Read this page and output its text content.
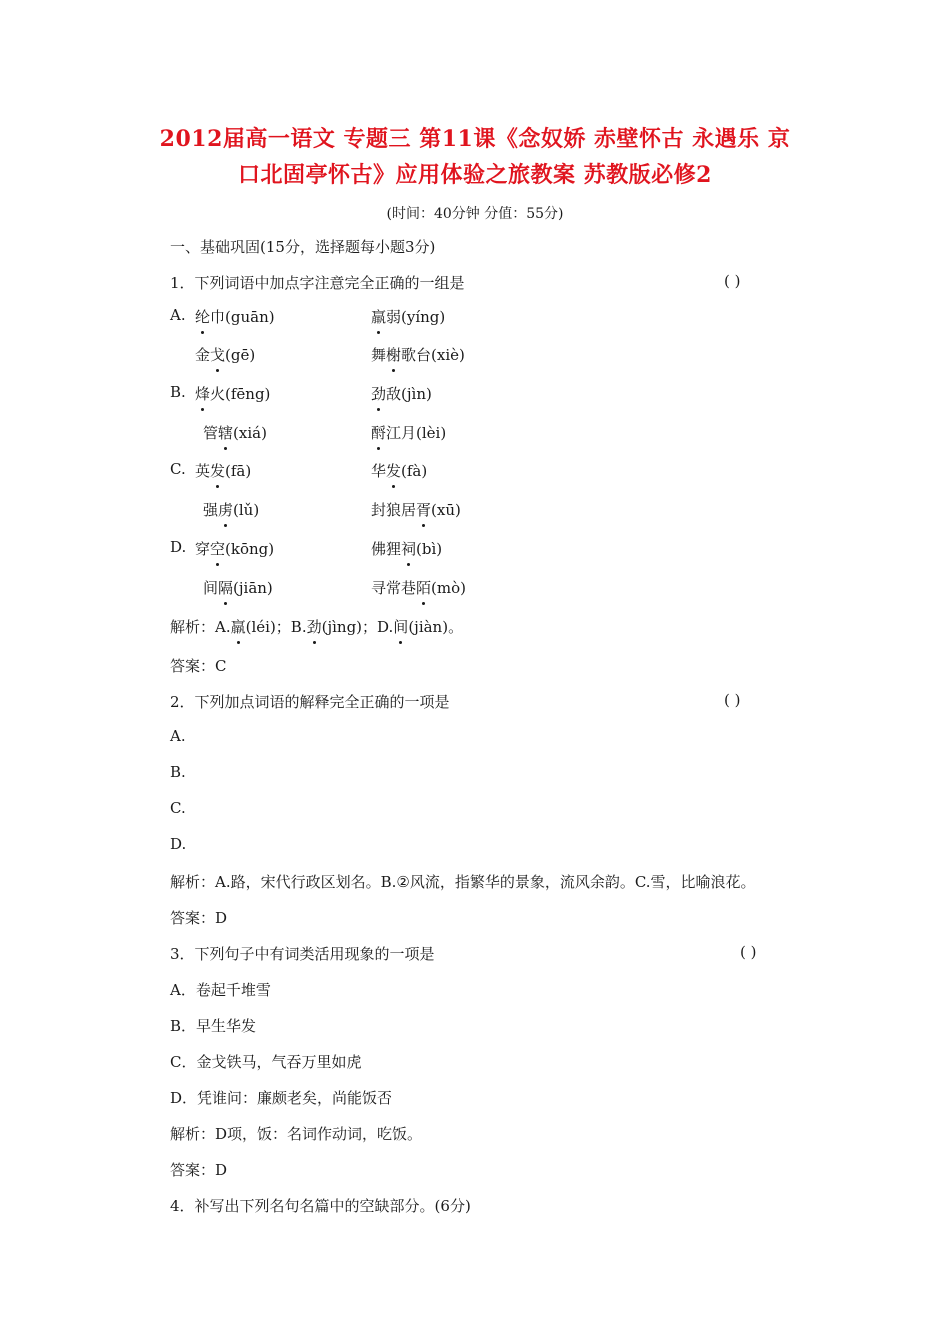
2012届高一语文 专题三 第11课《念奴娇 赤壁怀古 永遇乐 京
口北固亭怀古》应用体验之旅教案 苏教版必修2
(时间：40分钟 分值：55分)
一、基础巩固(15分，选择题每小题3分)
1．下列词语中加点字注意完全正确的一组是	( )
A. 纶巾(guān)	羸弱(yíng)
金戈(gē)	舞榭歌台(xiè)
B. 烽火(fēng)	劲敌(jìn)
管辖(xiá)	酹江月(lèi)
C. 英发(fā)	华发(fà)
强虏(lǔ)	封狼居胥(xū)
D. 穿空(kōng)	佛狸祠(bì)
间隔(jiān)	寻常巷陌(mò)
解析：A.羸(léi)；B.劲(jìng)；D.间(jiàn)。
答案：C
2．下列加点词语的解释完全正确的一项是	( )
A.
B.
C.
D.
解析：A.路，宋代行政区划名。B.②风流，指繁华的景象，流风余韵。C.雪，比喻浪花。
答案：D
3．下列句子中有词类活用现象的一项是	( )
A．卷起千堆雪
B．早生华发
C．金戈铁马，气吞万里如虎
D．凭谁问：廉颇老矣，尚能饭否
解析：D项，饭：名词作动词，吃饭。
答案：D
4．补写出下列名句名篇中的空缺部分。(6分)
